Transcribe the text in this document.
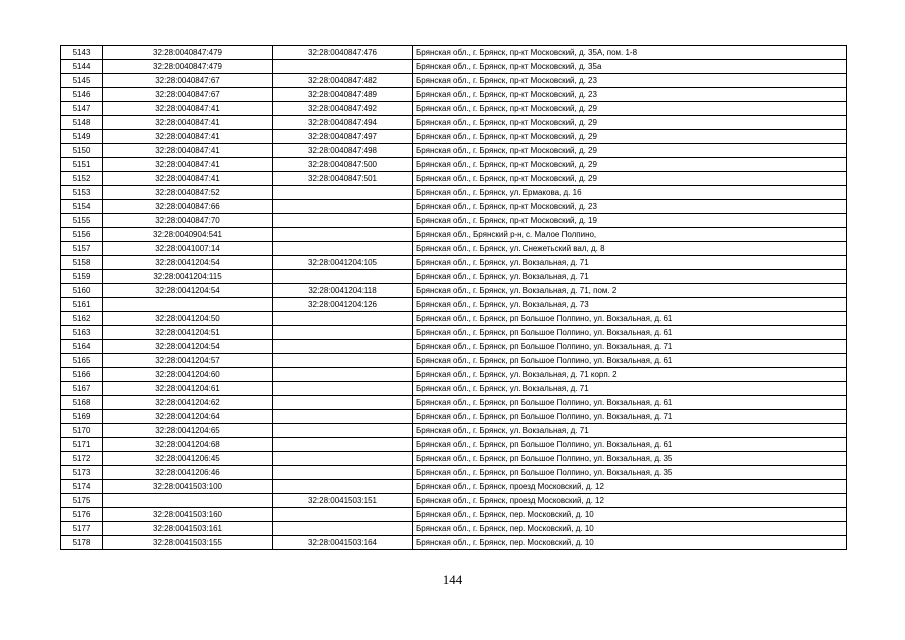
5143	32:28:0040847:479	32:28:0040847:476	Брянская обл., г. Брянск, пр-кт Московский, д. 35А, пом. 1-8
5144	32:28:0040847:479		Брянская обл., г. Брянск, пр-кт Московский, д. 35а
5145	32:28:0040847:67	32:28:0040847:482	Брянская обл., г. Брянск, пр-кт Московский, д. 23
5146	32:28:0040847:67	32:28:0040847:489	Брянская обл., г. Брянск, пр-кт Московский, д. 23
5147	32:28:0040847:41	32:28:0040847:492	Брянская обл., г. Брянск, пр-кт Московский, д. 29
5148	32:28:0040847:41	32:28:0040847:494	Брянская обл., г. Брянск, пр-кт Московский, д. 29
5149	32:28:0040847:41	32:28:0040847:497	Брянская обл., г. Брянск, пр-кт Московский, д. 29
5150	32:28:0040847:41	32:28:0040847:498	Брянская обл., г. Брянск, пр-кт Московский, д. 29
5151	32:28:0040847:41	32:28:0040847:500	Брянская обл., г. Брянск, пр-кт Московский, д. 29
5152	32:28:0040847:41	32:28:0040847:501	Брянская обл., г. Брянск, пр-кт Московский, д. 29
5153	32:28:0040847:52		Брянская обл., г. Брянск, ул. Ермакова, д. 16
5154	32:28:0040847:66		Брянская обл., г. Брянск, пр-кт Московский, д. 23
5155	32:28:0040847:70		Брянская обл., г. Брянск, пр-кт Московский, д. 19
5156	32:28:0040904:541		Брянская обл., Брянский р-н, с. Малое Полпино,
5157	32:28:0041007:14		Брянская обл., г. Брянск, ул. Снежетьский вал, д. 8
5158	32:28:0041204:54	32:28:0041204:105	Брянская обл., г. Брянск, ул. Вокзальная, д. 71
5159	32:28:0041204:115		Брянская обл., г. Брянск, ул. Вокзальная, д. 71
5160	32:28:0041204:54	32:28:0041204:118	Брянская обл., г. Брянск, ул. Вокзальная, д. 71, пом. 2
5161		32:28:0041204:126	Брянская обл., г. Брянск, ул. Вокзальная, д. 73
5162	32:28:0041204:50		Брянская обл., г. Брянск, рп Большое Полпино, ул. Вокзальная, д. 61
5163	32:28:0041204:51		Брянская обл., г. Брянск, рп Большое Полпино, ул. Вокзальная, д. 61
5164	32:28:0041204:54		Брянская обл., г. Брянск, рп Большое Полпино, ул. Вокзальная, д. 71
5165	32:28:0041204:57		Брянская обл., г. Брянск, рп Большое Полпино, ул. Вокзальная, д. 61
5166	32:28:0041204:60		Брянская обл., г. Брянск, ул. Вокзальная, д. 71 корп. 2
5167	32:28:0041204:61		Брянская обл., г. Брянск, ул. Вокзальная, д. 71
5168	32:28:0041204:62		Брянская обл., г. Брянск, рп Большое Полпино, ул. Вокзальная, д. 61
5169	32:28:0041204:64		Брянская обл., г. Брянск, рп Большое Полпино, ул. Вокзальная, д. 71
5170	32:28:0041204:65		Брянская обл., г. Брянск, ул. Вокзальная, д. 71
5171	32:28:0041204:68		Брянская обл., г. Брянск, рп Большое Полпино, ул. Вокзальная, д. 61
5172	32:28:0041206:45		Брянская обл., г. Брянск, рп Большое Полпино, ул. Вокзальная, д. 35
5173	32:28:0041206:46		Брянская обл., г. Брянск, рп Большое Полпино, ул. Вокзальная, д. 35
5174	32:28:0041503:100		Брянская обл., г. Брянск, проезд Московский, д. 12
5175		32:28:0041503:151	Брянская обл., г. Брянск, проезд Московский, д. 12
5176	32:28:0041503:160		Брянская обл., г. Брянск, пер. Московский, д. 10
5177	32:28:0041503:161		Брянская обл., г. Брянск, пер. Московский, д. 10
5178	32:28:0041503:155	32:28:0041503:164	Брянская обл., г. Брянск, пер. Московский, д. 10
144
